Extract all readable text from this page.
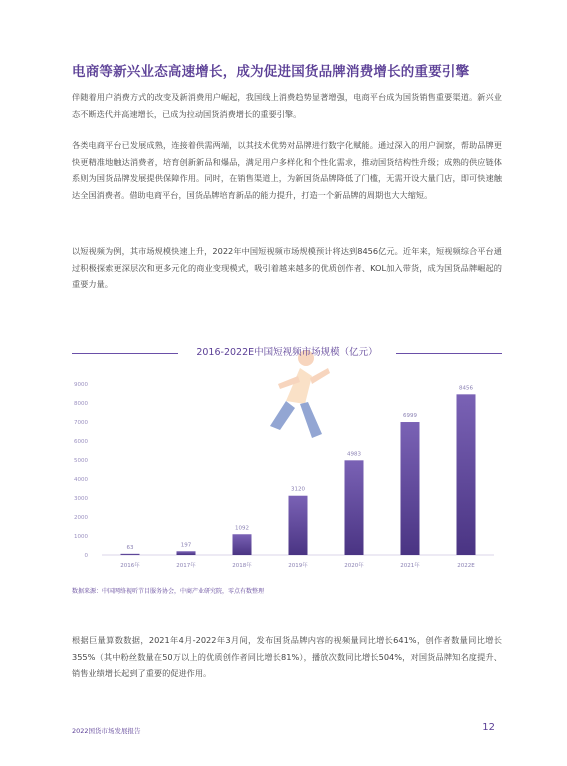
电商等新兴业态高速增长，成为促进国货品牌消费增长的重要引擎

伴随着用户消费方式的改变及新消费用户崛起，我国线上消费趋势显著增强，电商平台成为国货销售重要渠道。新兴业态不断迭代并高速增长，已成为拉动国货消费增长的重要引擎。

各类电商平台已发展成熟，连接着供需两端，以其技术优势对品牌进行数字化赋能。通过深入的用户洞察，帮助品牌更快更精准地触达消费者，培育创新新品和爆品，满足用户多样化和个性化需求，推动国货结构性升级；成熟的供应链体系则为国货品牌发展提供保障作用。同时，在销售渠道上，为新国货品牌降低了门槛，无需开设大量门店，即可快速触达全国消费者。借助电商平台，国货品牌培育新品的能力提升，打造一个新品牌的周期也大大缩短。

以短视频为例，其市场规模快速上升，2022年中国短视频市场规模预计将达到8456亿元。近年来，短视频综合平台通过积极探索更深层次和更多元化的商业变现模式，吸引着越来越多的优质创作者、KOL加入带货，成为国货品牌崛起的重要力量。

2016-2022E中国短视频市场规模（亿元）
0
1000
2000
3000
4000
5000
6000
7000
8000
9000
63
2016年
197
2017年
1092
2018年
3120
2019年
4983
2020年
6999
2021年
8456
2022E
数据来源：中国网络视听节目服务协会，中商产业研究院，零点有数整理

根据巨量算数数据，2021年4月-2022年3月间，发布国货品牌内容的视频量同比增长641%，创作者数量同比增长355%（其中粉丝数量在50万以上的优质创作者同比增长81%），播放次数同比增长504%，对国货品牌知名度提升、销售业绩增长起到了重要的促进作用。

2022国货市场发展报告	12
